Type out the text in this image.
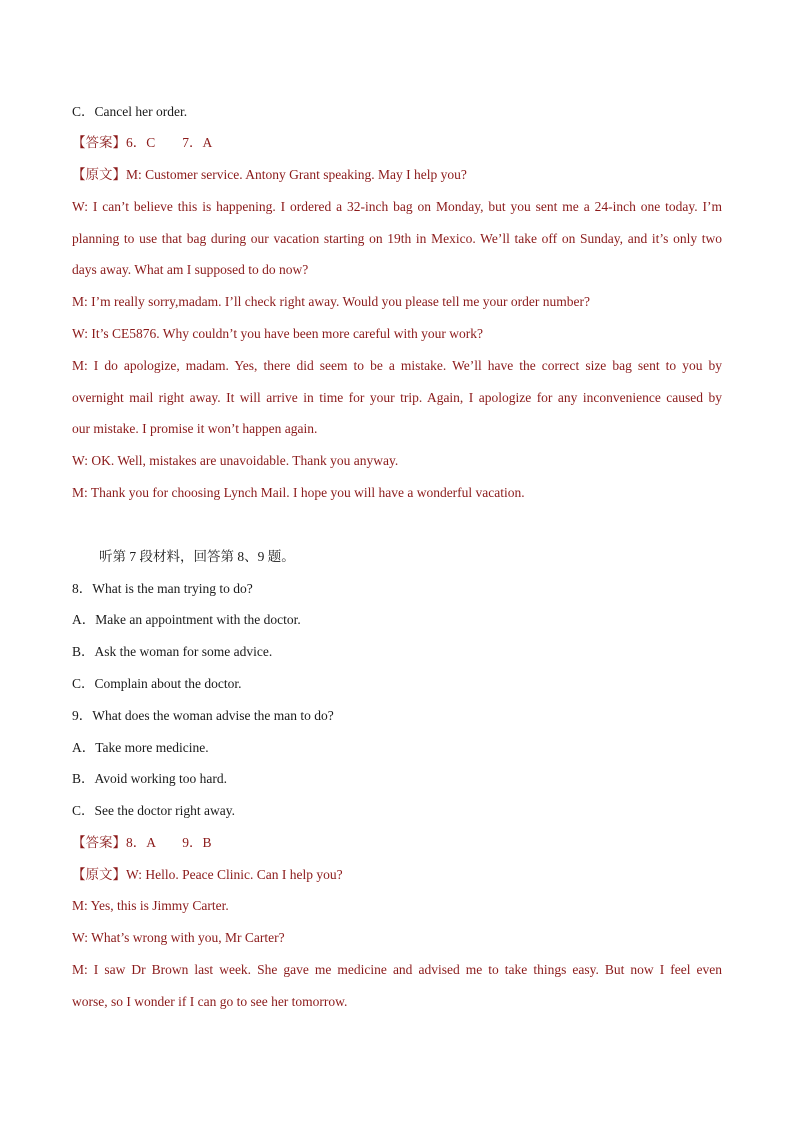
C．Cancel her order.
【答案】6．C        7．A
【原文】M: Customer service. Antony Grant speaking. May I help you?
W: I can’t believe this is happening. I ordered a 32-inch bag on Monday, but you sent me a 24-inch one today. I’m
planning to use that bag during our vacation starting on 19th in Mexico. We’ll take off on Sunday, and it’s only two
days away. What am I supposed to do now?
M: I’m really sorry,madam. I’ll check right away. Would you please tell me your order number?
W: It’s CE5876. Why couldn’t you have been more careful with your work?
M: I do apologize, madam. Yes, there did seem to be a mistake. We’ll have the correct size bag sent to you by
overnight mail right away. It will arrive in time for your trip. Again, I apologize for any inconvenience caused by
our mistake. I promise it won’t happen again.
W: OK. Well, mistakes are unavoidable. Thank you anyway.
M: Thank you for choosing Lynch Mail. I hope you will have a wonderful vacation.
听第 7 段材料，回答第 8、9 题。
8．What is the man trying to do?
A．Make an appointment with the doctor.
B．Ask the woman for some advice.
C．Complain about the doctor.
9．What does the woman advise the man to do?
A．Take more medicine.
B．Avoid working too hard.
C．See the doctor right away.
【答案】8．A        9．B
【原文】W: Hello. Peace Clinic. Can I help you?
M: Yes, this is Jimmy Carter.
W: What’s wrong with you, Mr Carter?
M: I saw Dr Brown last week. She gave me medicine and advised me to take things easy. But now I feel even
worse, so I wonder if I can go to see her tomorrow.
